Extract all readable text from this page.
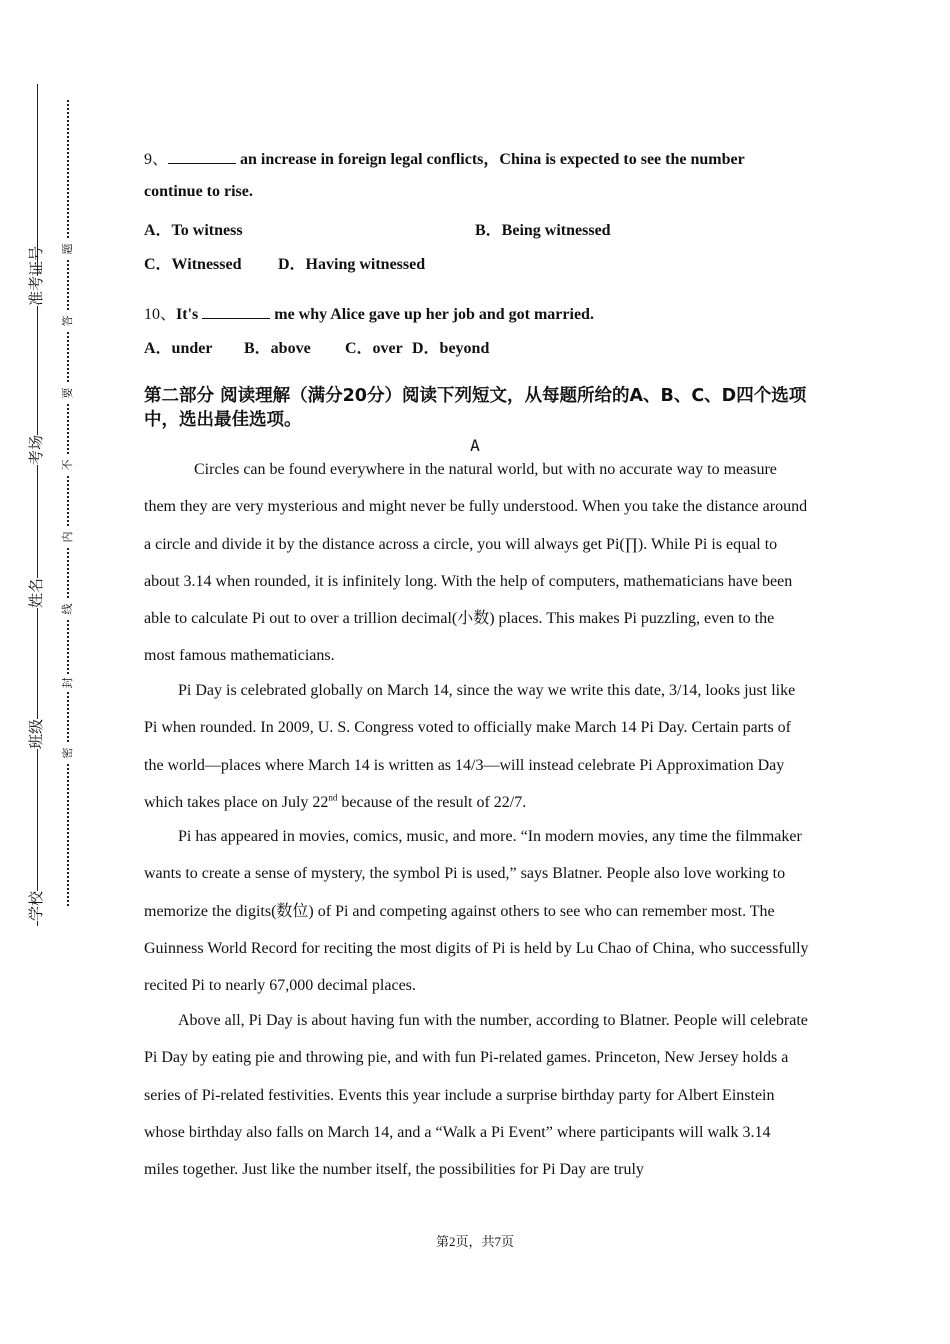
准考证号
考场
姓名
班级
学校
题
答
要
不
内
线
封
密
9、	an increase in foreign legal conflicts，China is expected to see the number
continue to rise.
A．To witness	B．Being witnessed
C．Witnessed D．Having witnessed
10、It's	me why Alice gave up her job and got married.
A．under B．above C．over D．beyond
第二部分 阅读理解（满分20分）阅读下列短文，从每题所给的A、B、C、D四个选项中，选出最佳选项。
A
Circles can be found everywhere in the natural world, but with no accurate way to measure them they are very mysterious and might never be fully understood. When you take the distance around a circle and divide it by the distance across a circle, you will always get Pi(∏). While Pi is equal to about 3.14 when rounded, it is infinitely long. With the help of computers, mathematicians have been able to calculate Pi out to over a trillion decimal(小数) places. This makes Pi puzzling, even to the most famous mathematicians.
Pi Day is celebrated globally on March 14, since the way we write this date, 3/14, looks just like Pi when rounded. In 2009, U. S. Congress voted to officially make March 14 Pi Day. Certain parts of the world—places where March 14 is written as 14/3—will instead celebrate Pi Approximation Day which takes place on July 22nd because of the result of 22/7.
Pi has appeared in movies, comics, music, and more. “In modern movies, any time the filmmaker wants to create a sense of mystery, the symbol Pi is used,” says Blatner. People also love working to memorize the digits(数位) of Pi and competing against others to see who can remember most. The Guinness World Record for reciting the most digits of Pi is held by Lu Chao of China, who successfully recited Pi to nearly 67,000 decimal places.
Above all, Pi Day is about having fun with the number, according to Blatner. People will celebrate Pi Day by eating pie and throwing pie, and with fun Pi-related games. Princeton, New Jersey holds a series of Pi-related festivities. Events this year include a surprise birthday party for Albert Einstein whose birthday also falls on March 14, and a “Walk a Pi Event” where participants will walk 3.14 miles together. Just like the number itself, the possibilities for Pi Day are truly
第2页，共7页
